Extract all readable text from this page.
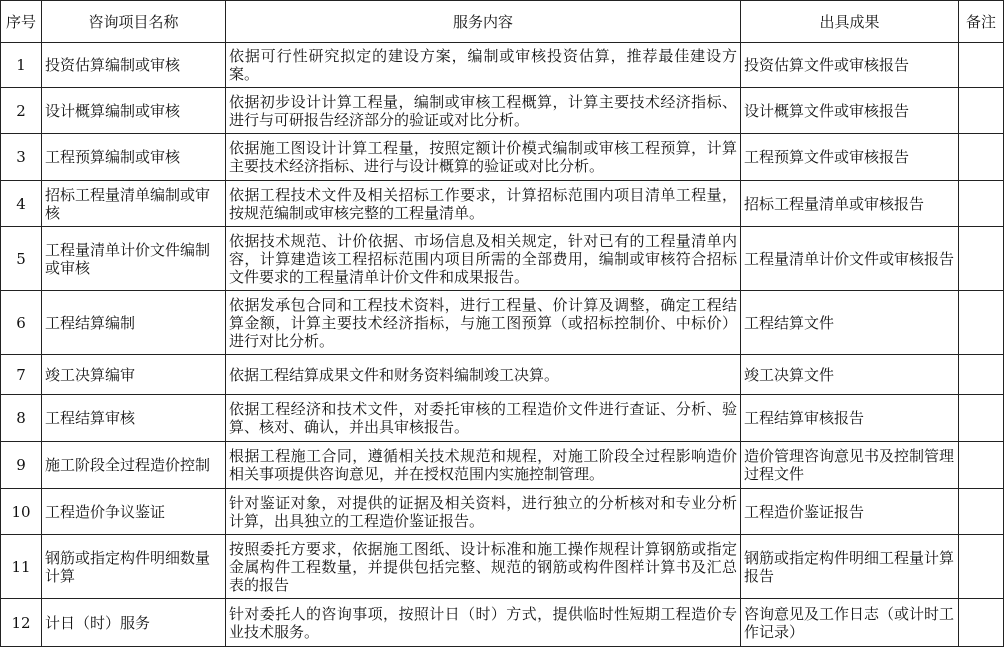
序号	咨询项目名称	服务内容	出具成果	备注
1	投资估算编制或审核	依据可行性研究拟定的建设方案，编制或审核投资估算，推荐最佳建设方案。	投资估算文件或审核报告	
2	设计概算编制或审核	依据初步设计计算工程量，编制或审核工程概算，计算主要技术经济指标、进行与可研报告经济部分的验证或对比分析。	设计概算文件或审核报告	
3	工程预算编制或审核	依据施工图设计计算工程量，按照定额计价模式编制或审核工程预算，计算主要技术经济指标、进行与设计概算的验证或对比分析。	工程预算文件或审核报告	
4	招标工程量清单编制或审核	依据工程技术文件及相关招标工作要求，计算招标范围内项目清单工程量，按规范编制或审核完整的工程量清单。	招标工程量清单或审核报告	
5	工程量清单计价文件编制或审核	依据技术规范、计价依据、市场信息及相关规定，针对已有的工程量清单内容，计算建造该工程招标范围内项目所需的全部费用，编制或审核符合招标文件要求的工程量清单计价文件和成果报告。	工程量清单计价文件或审核报告	
6	工程结算编制	依据发承包合同和工程技术资料，进行工程量、价计算及调整，确定工程结算金额，计算主要技术经济指标，与施工图预算（或招标控制价、中标价）进行对比分析。	工程结算文件	
7	竣工决算编审	依据工程结算成果文件和财务资料编制竣工决算。	竣工决算文件	
8	工程结算审核	依据工程经济和技术文件，对委托审核的工程造价文件进行查证、分析、验算、核对、确认，并出具审核报告。	工程结算审核报告	
9	施工阶段全过程造价控制	根据工程施工合同，遵循相关技术规范和规程，对施工阶段全过程影响造价相关事项提供咨询意见，并在授权范围内实施控制管理。	造价管理咨询意见书及控制管理过程文件	
10	工程造价争议鉴证	针对鉴证对象，对提供的证据及相关资料，进行独立的分析核对和专业分析计算，出具独立的工程造价鉴证报告。	工程造价鉴证报告	
11	钢筋或指定构件明细数量计算	按照委托方要求，依据施工图纸、设计标准和施工操作规程计算钢筋或指定金属构件工程数量，并提供包括完整、规范的钢筋或构件图样计算书及汇总表的报告	钢筋或指定构件明细工程量计算报告	
12	计日（时）服务	针对委托人的咨询事项，按照计日（时）方式，提供临时性短期工程造价专业技术服务。	咨询意见及工作日志（或计时工作记录）	
